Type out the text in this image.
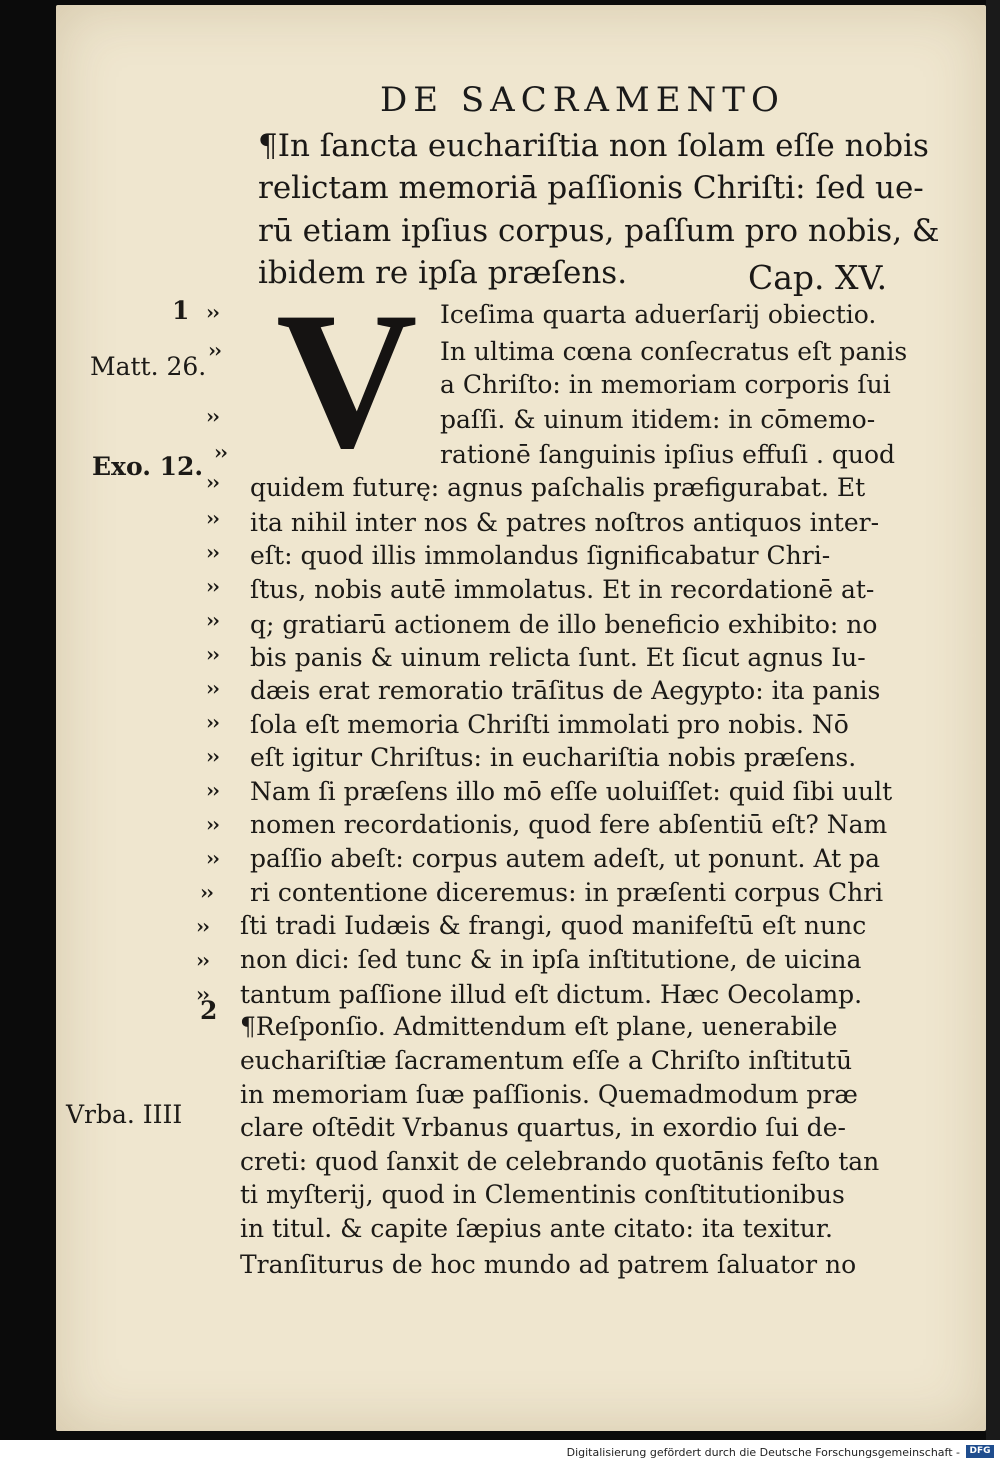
DE SACRAMENTO
¶In ſancta euchariſtia non ſolam eſſe nobis
relictam memoriā paſſionis Chriſti: ſed ue-
rū etiam ipſius corpus, paſſum pro nobis, &
ibidem re ipſa præſens.	Cap. XV.
V Iceſima quarta aduerſarij obiectio.
In ultima cœna conſecratus eſt panis
a Chriſto: in memoriam corporis ſui
paſſi. & uinum itidem: in cōmemo-
rationē ſanguinis ipſius effuſi . quod
quidem futurę: agnus paſchalis præfigurabat. Et
ita nihil inter nos & patres noſtros antiquos inter-
eſt: quod illis immolandus ſignificabatur Chri-
ſtus, nobis autē immolatus. Et in recordationē at-
q; gratiarū actionem de illo beneficio exhibito: no
bis panis & uinum relicta ſunt. Et ſicut agnus Iu-
dæis erat remoratio trāſitus de Aegypto: ita panis
ſola eſt memoria Chriſti immolati pro nobis. Nō
eſt igitur Chriſtus: in euchariſtia nobis præſens.
Nam ſi præſens illo mō eſſe uoluiſſet: quid ſibi uult
nomen recordationis, quod fere abſentiū eſt? Nam
paſſio abeſt: corpus autem adeſt, ut ponunt. At pa
ri contentione diceremus: in præſenti corpus Chri
ſti tradi Iudæis & frangi, quod manifeſtū eſt nunc
non dici: ſed tunc & in ipſa inſtitutione, de uicina
tantum paſſione illud eſt dictum. Hæc Oecolamp.
¶Reſponſio. Admittendum eſt plane, uenerabile
euchariſtiæ ſacramentum eſſe a Chriſto inſtitutū
in memoriam ſuæ paſſionis. Quemadmodum præ
clare oſtēdit Vrbanus quartus, in exordio ſui de-
creti: quod ſanxit de celebrando quotānis feſto tan
ti myſterij, quod in Clementinis conſtitutionibus
in titul. & capite ſæpius ante citato: ita texitur.
Tranſiturus de hoc mundo ad patrem ſaluator no
››
››
››
››
››
››
››
››
››
››
››
››
››
››
››
››
››
››
››
››
1
Matt. 26.
Exo. 12.
2
Vrba. IIII
Digitalisierung gefördert durch die Deutsche Forschungsgemeinschaft -	DFG
